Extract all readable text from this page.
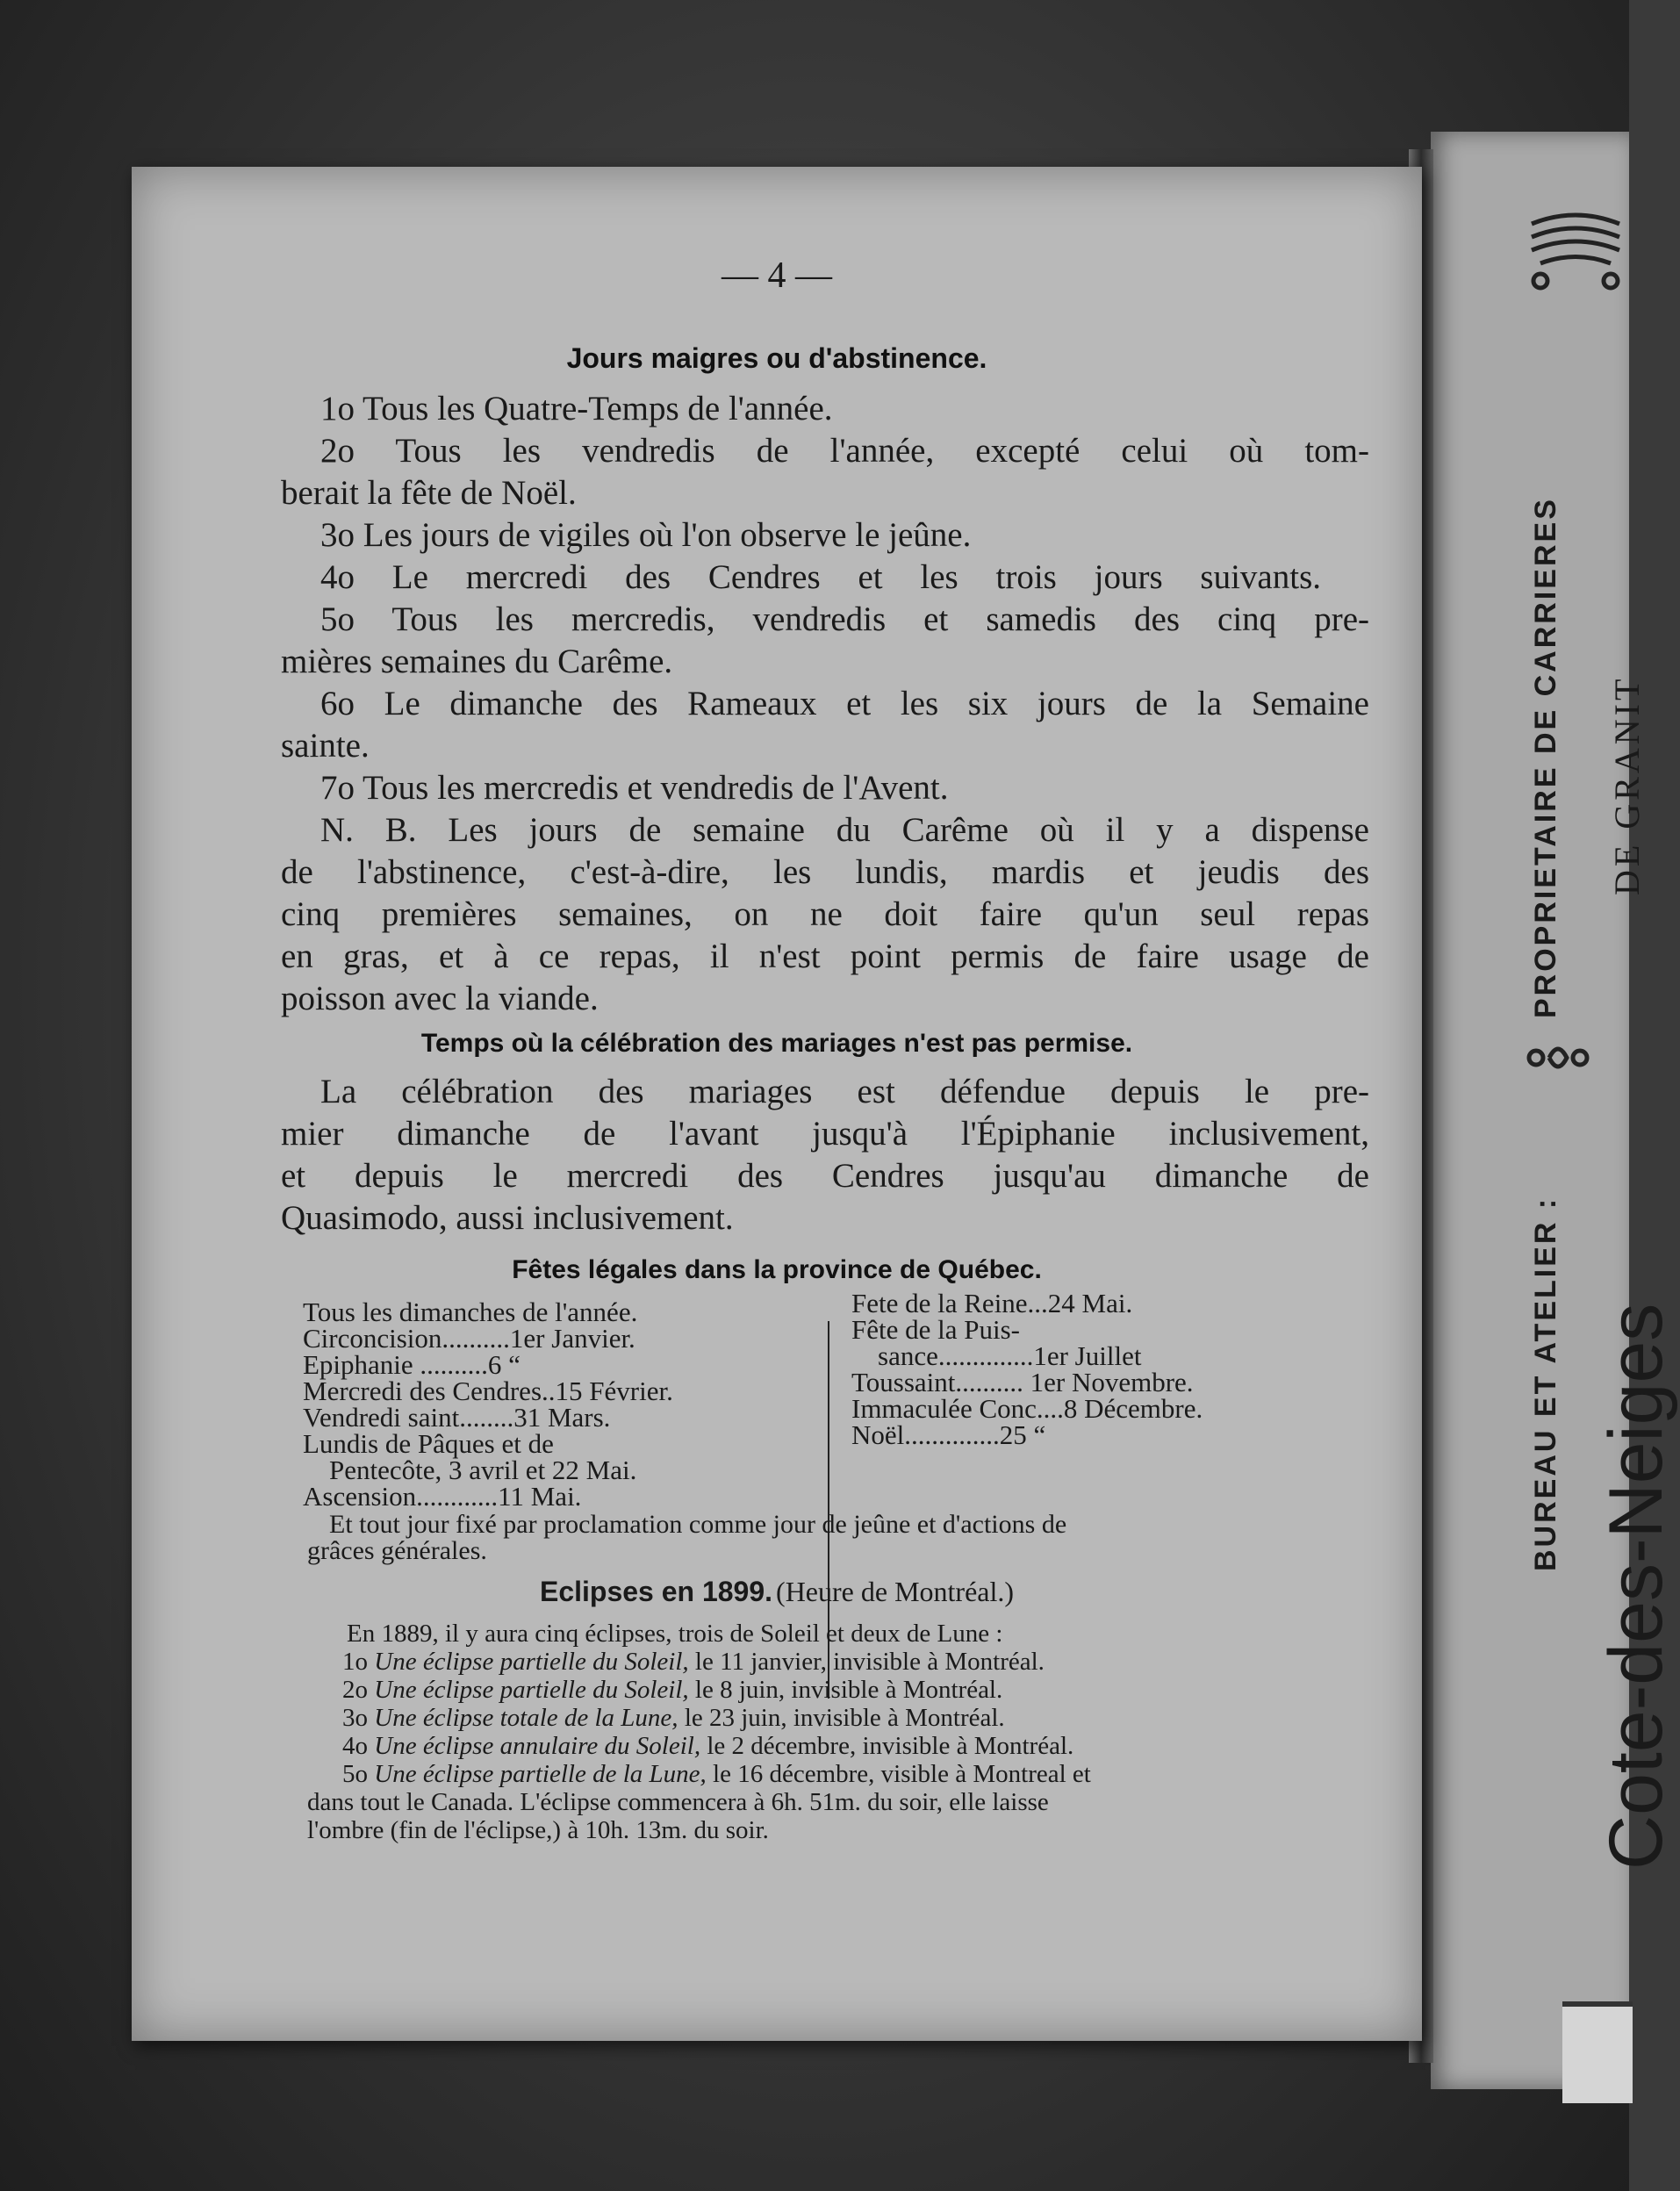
BUREAU ET ATELIER :
PROPRIETAIRE DE CARRIERES
Cote-des-Neiges
DE GRANIT
— 4 —
Jours maigres ou d'abstinence.
1o Tous les Quatre-Temps de l'année.
2o Tous les vendredis de l'année, excepté celui où tom-
berait la fête de Noël.
3o Les jours de vigiles où l'on observe le jeûne.
4o Le mercredi des Cendres et les trois jours suivants.
5o Tous les mercredis, vendredis et samedis des cinq pre-
mières semaines du Carême.
6o Le dimanche des Rameaux et les six jours de la Semaine
sainte.
7o Tous les mercredis et vendredis de l'Avent.
N. B. Les jours de semaine du Carême où il y a dispense
de l'abstinence, c'est-à-dire, les lundis, mardis et jeudis des
cinq premières semaines, on ne doit faire qu'un seul repas
en gras, et à ce repas, il n'est point permis de faire usage de
poisson avec la viande.
Temps où la célébration des mariages n'est pas permise.
La célébration des mariages est défendue depuis le pre-
mier dimanche de l'avant jusqu'à l'Épiphanie inclusivement,
et depuis le mercredi des Cendres jusqu'au dimanche de
Quasimodo, aussi inclusivement.
Fêtes légales dans la province de Québec.
Tous les dimanches de l'année.
Circoncision..........1er Janvier.
Epiphanie ..........6 “
Mercredi des Cendres..15 Février.
Vendredi saint........31 Mars.
Lundis de Pâques et de
Pentecôte, 3 avril et 22 Mai.
Ascension............11 Mai.
Fete de la Reine...24 Mai.
Fête de la Puis-
sance..............1er Juillet
Toussaint.......... 1er Novembre.
Immaculée Conc....8 Décembre.
Noël..............25 “
Et tout jour fixé par proclamation comme jour de jeûne et d'actions de
grâces générales.
Eclipses en 1899. (Heure de Montréal.)
En 1889, il y aura cinq éclipses, trois de Soleil et deux de Lune :
1o Une éclipse partielle du Soleil, le 11 janvier, invisible à Montréal.
2o Une éclipse partielle du Soleil, le 8 juin, invisible à Montréal.
3o Une éclipse totale de la Lune, le 23 juin, invisible à Montréal.
4o Une éclipse annulaire du Soleil, le 2 décembre, invisible à Montréal.
5o Une éclipse partielle de la Lune, le 16 décembre, visible à Montreal et
dans tout le Canada. L'éclipse commencera à 6h. 51m. du soir, elle laisse
l'ombre (fin de l'éclipse,) à 10h. 13m. du soir.
